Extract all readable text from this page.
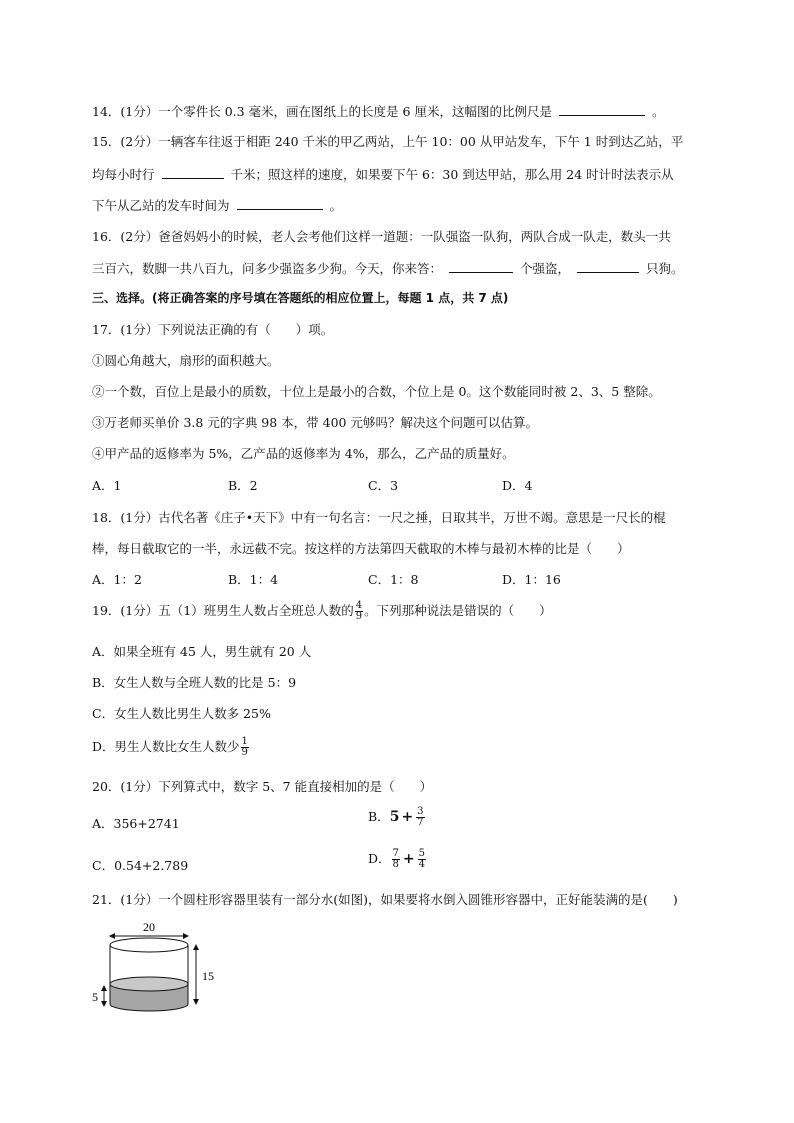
14．(1分）一个零件长 0.3 毫米，画在图纸上的长度是 6 厘米，这幅图的比例尺是	。
15．(2分）一辆客车往返于相距 240 千米的甲乙两站，上午 10：00 从甲站发车，下午 1 时到达乙站，平
均每小时行	千米；照这样的速度，如果要下午 6：30 到达甲站，那么用 24 时计时法表示从
下午从乙站的发车时间为	。
16．(2分）爸爸妈妈小的时候，老人会考他们这样一道题：一队强盗一队狗，两队合成一队走，数头一共
三百六，数脚一共八百九，问多少强盗多少狗。今天，你来答：	个强盗，	只狗。
三、选择。(将正确答案的序号填在答题纸的相应位置上，每题 1 点，共 7 点)
17．(1分）下列说法正确的有（　　）项。
①圆心角越大，扇形的面积越大。
②一个数，百位上是最小的质数，十位上是最小的合数，个位上是 0。这个数能同时被 2、3、5 整除。
③万老师买单价 3.8 元的字典 98 本，带 400 元够吗？解决这个问题可以估算。
④甲产品的返修率为 5%，乙产品的返修率为 4%，那么，乙产品的质量好。
A．1	B．2	C．3	D．4
18．(1分）古代名著《庄子•天下》中有一句名言：一尺之捶，日取其半，万世不竭。意思是一尺长的棍
棒，每日截取它的一半，永远截不完。按这样的方法第四天截取的木棒与最初木棒的比是（　　）
A．1：2	B．1：4	C．1：8	D．1：16
19．(1分）五（1）班男生人数占全班总人数的 $\frac{4}{9}$ 。下列那种说法是错误的（　　）
A．如果全班有 45 人，男生就有 20 人
B．女生人数与全班人数的比是 5：9
C．女生人数比男生人数多 25%
D．男生人数比女生人数少 $\frac{1}{9}$
20．(1分）下列算式中，数字 5、7 能直接相加的是（　　）
A．356+2741	B．$5 + \frac{3}{7}$
C．0.54+2.789	D． $\frac{7}{8} + \frac{5}{4}$
21．(1分）一个圆柱形容器里装有一部分水(如图)，如果要将水倒入圆锥形容器中，正好能装满的是(　　)
20
15
5
